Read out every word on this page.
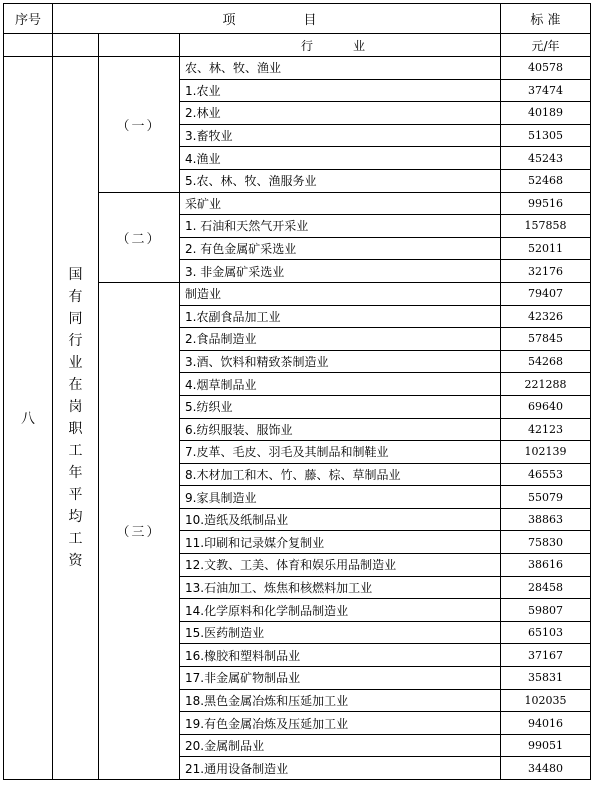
序号	项　　目			标 准
			行　业	元/年
八	国有同行业在岗职工年平均工资	（一）	农、林、牧、渔业	40578
			1.农业	37474
			2.林业	40189
			3.畜牧业	51305
			4.渔业	45243
			5.农、林、牧、渔服务业	52468
		（二）	采矿业	99516
			1. 石油和天然气开采业	157858
			2. 有色金属矿采选业	52011
			3. 非金属矿采选业	32176
		（三）	制造业	79407
			1.农副食品加工业	42326
			2.食品制造业	57845
			3.酒、饮料和精致茶制造业	54268
			4.烟草制品业	221288
			5.纺织业	69640
			6.纺织服装、服饰业	42123
			7.皮革、毛皮、羽毛及其制品和制鞋业	102139
			8.木材加工和木、竹、藤、棕、草制品业	46553
			9.家具制造业	55079
			10.造纸及纸制品业	38863
			11.印刷和记录媒介复制业	75830
			12.文教、工美、体育和娱乐用品制造业	38616
			13.石油加工、炼焦和核燃料加工业	28458
			14.化学原料和化学制品制造业	59807
			15.医药制造业	65103
			16.橡胶和塑料制品业	37167
			17.非金属矿物制品业	35831
			18.黑色金属冶炼和压延加工业	102035
			19.有色金属冶炼及压延加工业	94016
			20.金属制品业	99051
			21.通用设备制造业	34480
